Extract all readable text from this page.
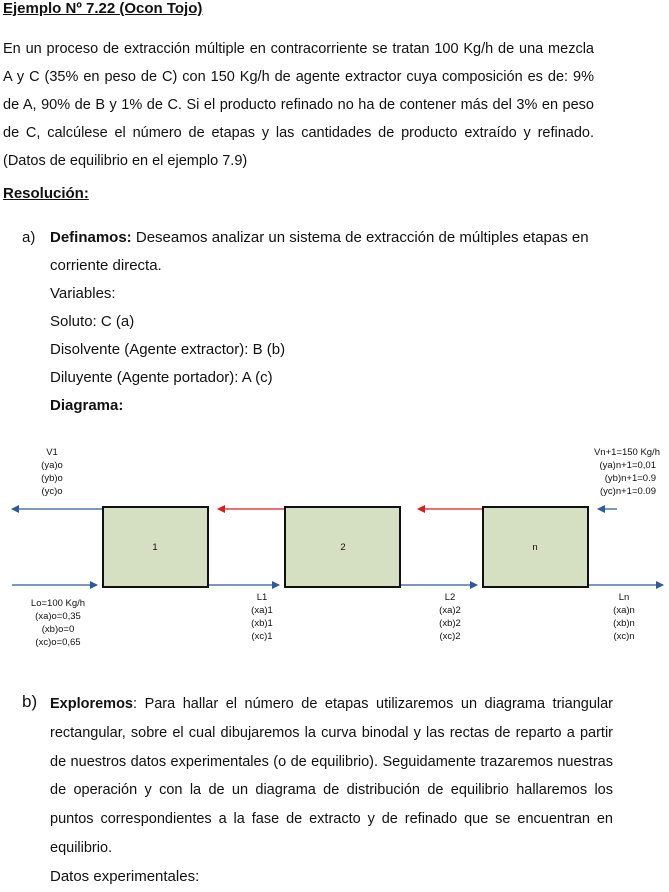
Ejemplo Nº 7.22 (Ocon Tojo)
En un proceso de extracción múltiple en contracorriente se tratan 100 Kg/h de una mezcla A y C (35% en peso de C) con 150 Kg/h de agente extractor cuya composición es de: 9% de A, 90% de B y 1% de C. Si el producto refinado no ha de contener más del 3% en peso de C, calcúlese el número de etapas y las cantidades de producto extraído y refinado. (Datos de equilibrio en el ejemplo 7.9)
Resolución:
a) Definamos: Deseamos analizar un sistema de extracción de múltiples etapas en
corriente directa.
Variables:
Soluto: C (a)
Disolvente (Agente extractor): B (b)
Diluyente (Agente portador): A (c)
Diagrama:
1	2	n
V1
(ya)o
(yb)o
(yc)o
Vn+1=150 Kg/h
(ya)n+1=0,01
(yb)n+1=0.9
(yc)n+1=0.09
Lo=100 Kg/h
(xa)o=0,35
(xb)o=0
(xc)o=0,65
L1
(xa)1
(xb)1
(xc)1
L2
(xa)2
(xb)2
(xc)2
Ln
(xa)n
(xb)n
(xc)n
b) Exploremos: Para hallar el número de etapas utilizaremos un diagrama triangular rectangular, sobre el cual dibujaremos la curva binodal y las rectas de reparto a partir de nuestros datos experimentales (o de equilibrio). Seguidamente trazaremos nuestras de operación y con la de un diagrama de distribución de equilibrio hallaremos los puntos correspondientes a la fase de extracto y de refinado que se encuentran en equilibrio.
Datos experimentales:
